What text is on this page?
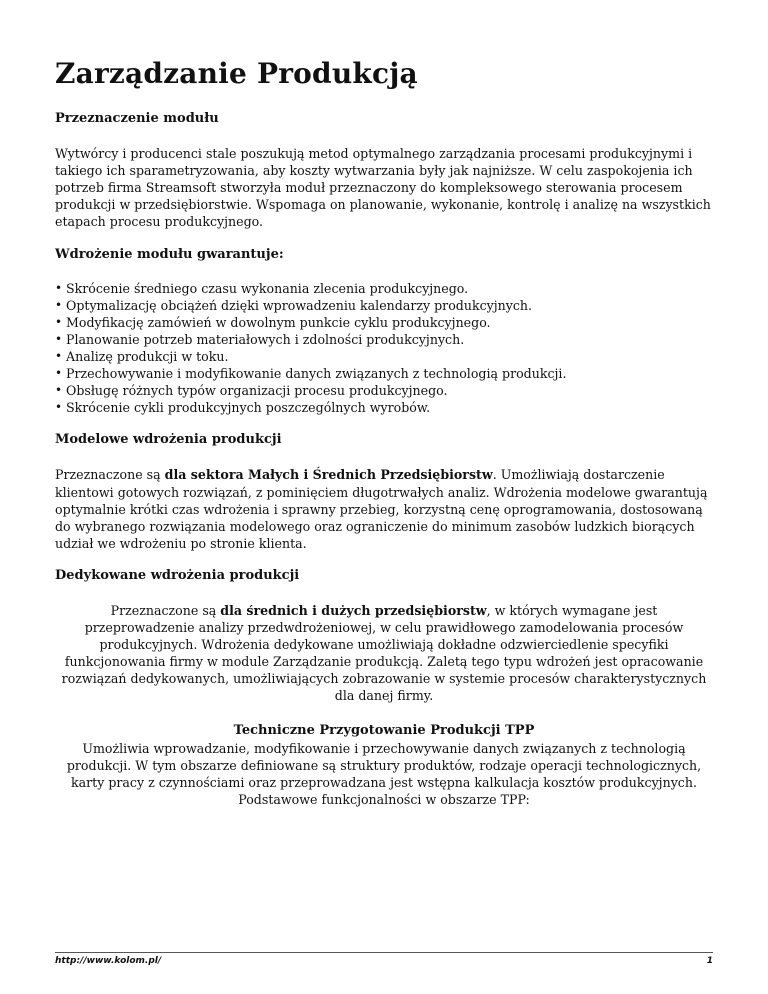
Zarządzanie Produkcją
Przeznaczenie modułu

Wytwórcy i producenci stale poszukują metod optymalnego zarządzania procesami produkcyjnymi i takiego ich sparametryzowania, aby koszty wytwarzania były jak najniższe. W celu zaspokojenia ich potrzeb firma Streamsoft stworzyła moduł przeznaczony do kompleksowego sterowania procesem produkcji w przedsiębiorstwie. Wspomaga on planowanie, wykonanie, kontrolę i analizę na wszystkich etapach procesu produkcyjnego.

Wdrożenie modułu gwarantuje:
• Skrócenie średniego czasu wykonania zlecenia produkcyjnego.
• Optymalizację obciążeń dzięki wprowadzeniu kalendarzy produkcyjnych.
• Modyfikację zamówień w dowolnym punkcie cyklu produkcyjnego.
• Planowanie potrzeb materiałowych i zdolności produkcyjnych.
• Analizę produkcji w toku.
• Przechowywanie i modyfikowanie danych związanych z technologią produkcji.
• Obsługę różnych typów organizacji procesu produkcyjnego.
• Skrócenie cykli produkcyjnych poszczególnych wyrobów.
Modelowe wdrożenia produkcji

Przeznaczone są dla sektora Małych i Średnich Przedsiębiorstw. Umożliwiają dostarczenie klientowi gotowych rozwiązań, z pominięciem długotrwałych analiz. Wdrożenia modelowe gwarantują optymalnie krótki czas wdrożenia i sprawny przebieg, korzystną cenę oprogramowania, dostosowaną do wybranego rozwiązania modelowego oraz ograniczenie do minimum zasobów ludzkich biorących udział we wdrożeniu po stronie klienta.

Dedykowane wdrożenia produkcji

Przeznaczone są dla średnich i dużych przedsiębiorstw, w których wymagane jest przeprowadzenie analizy przedwdrożeniowej, w celu prawidłowego zamodelowania procesów produkcyjnych. Wdrożenia dedykowane umożliwiają dokładne odzwierciedlenie specyfiki funkcjonowania firmy w module Zarządzanie produkcją. Zaletą tego typu wdrożeń jest opracowanie rozwiązań dedykowanych, umożliwiających zobrazowanie w systemie procesów charakterystycznych dla danej firmy.

Techniczne Przygotowanie Produkcji TPP

Umożliwia wprowadzanie, modyfikowanie i przechowywanie danych związanych z technologią produkcji. W tym obszarze definiowane są struktury produktów, rodzaje operacji technologicznych, karty pracy z czynnościami oraz przeprowadzana jest wstępna kalkulacja kosztów produkcyjnych. Podstawowe funkcjonalności w obszarze TPP:

http://www.kolom.pl/	1
